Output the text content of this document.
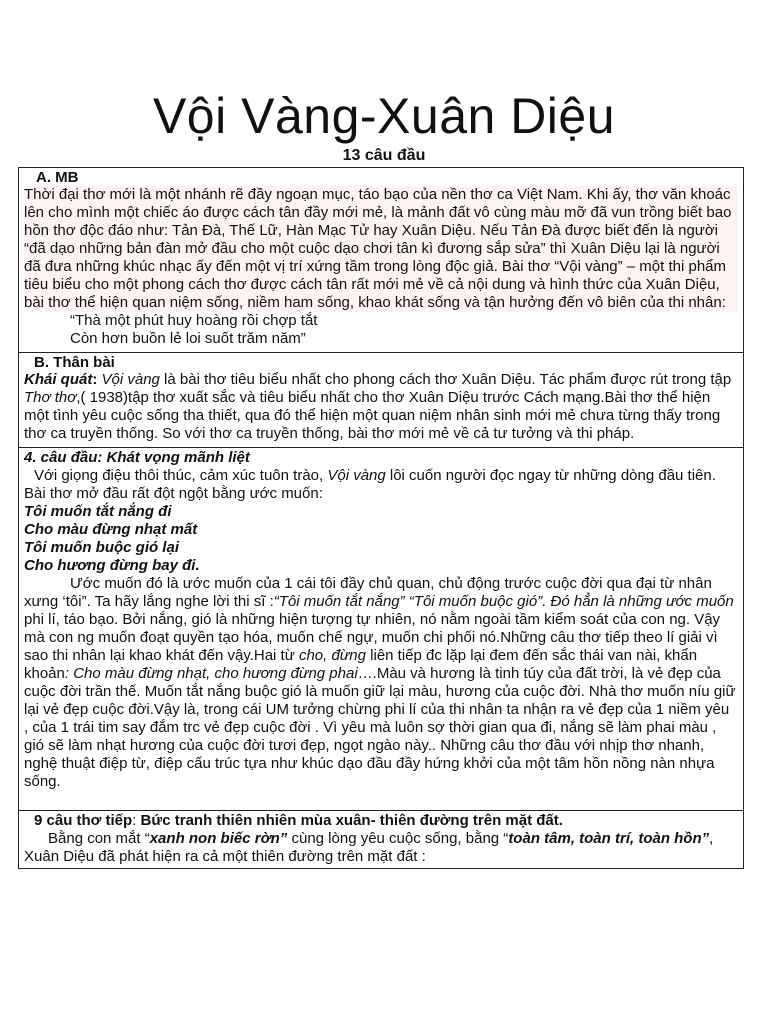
Vội Vàng-Xuân Diệu
13 câu đầu
A. MB

Thời đại thơ mới là một nhánh rẽ đầy ngoạn mục, táo bạo của nền thơ ca Việt Nam. Khi ấy, thơ văn khoác lên cho mình một chiếc áo được cách tân đầy mới mẻ, là mảnh đất vô cùng màu mỡ đã vun trồng biết bao hồn thơ độc đáo như: Tản Đà, Thế Lữ, Hàn Mạc Tử hay Xuân Diệu. Nếu Tản Đà được biết đến là người “đã dạo những bản đàn mở đầu cho một cuộc dạo chơi tân kì đương sắp sửa” thì Xuân Diệu lại là người đã đưa những khúc nhạc ấy đến một vị trí xứng tầm trong lòng độc giả. Bài thơ “Vội vàng” – một thi phẩm tiêu biểu cho một phong cách thơ được cách tân rất mới mẻ về cả nội dung và hình thức của Xuân Diệu, bài thơ thể hiện quan niệm sống, niềm ham sống, khao khát sống và tận hưởng đến vô biên của thi nhân:

“Thà một phút huy hoàng rồi chợp tắt

Còn hơn buồn lẻ loi suốt trăm năm”

B. Thân bài

Khái quát: Vội vàng là bài thơ tiêu biểu nhất cho phong cách thơ Xuân Diệu. Tác phẩm được rút trong tập Thơ thơ,( 1938)tập thơ xuất sắc và tiêu biểu nhất cho thơ Xuân Diệu trước Cách mạng.Bài thơ thể hiện một tình yêu cuộc sống tha thiết, qua đó thể hiện một quan niệm nhân sinh mới mẻ chưa từng thấy trong thơ ca truyền thống. So với thơ ca truyền thống, bài thơ mới mẻ về cả tư tưởng và thi pháp.

4. câu đầu: Khát vọng mãnh liệt

Với giọng điệu thôi thúc, cảm xúc tuôn trào, Vội vàng lôi cuốn người đọc ngay từ những dòng đầu tiên. Bài thơ mở đầu rất đột ngột bằng ước muốn:

Tôi muốn tắt nắng đi

Cho màu đừng nhạt mất

Tôi muốn buộc gió lại

Cho hương đừng bay đi.

Ước muốn đó là ước muốn của 1 cái tôi đầy chủ quan, chủ động trước cuộc đời qua đại từ nhân xưng ‘tôi”. Ta hãy lắng nghe lời thi sĩ :“Tôi muốn tắt nắng” “Tôi muốn buộc gió”. Đó hẳn là những ước muốn phi lí, táo bạo. Bởi nắng, gió là những hiện tượng tự nhiên, nó nằm ngoài tầm kiểm soát của con ng. Vậy mà con ng muốn đoạt quyền tạo hóa, muốn chế ngự, muốn chi phối nó.Những câu thơ tiếp theo lí giải vì sao thi nhân lại khao khát đến vậy.Hai từ cho, đừng liên tiếp đc lặp lại đem đến sắc thái van nài, khẩn khoản: Cho màu đừng nhạt, cho hương đừng phai….Màu và hương là tinh túy của đất trời, là vẻ đẹp của cuộc đời trần thế. Muốn tắt nắng buộc gió là muốn giữ lại màu, hương của cuộc đời. Nhà thơ muốn níu giữ lại vẻ đẹp cuộc đời.Vậy là, trong cái UM tưởng chừng phi lí của thi nhân ta nhận ra vẻ đẹp của 1 niềm yêu , của 1 trái tim say đắm trc vẻ đẹp cuộc đời . Vì yêu mà luôn sợ thời gian qua đi, nắng sẽ làm phai màu , gió sẽ làm nhạt hương của cuộc đời tươi đẹp, ngọt ngào này.. Những câu thơ đầu với nhịp thơ nhanh, nghệ thuật điệp từ, điệp cấu trúc tựa như khúc dạo đầu đầy hứng khởi của một tâm hồn nồng nàn nhựa sống.

9 câu thơ tiếp: Bức tranh thiên nhiên mùa xuân- thiên đường trên mặt đất.

Bằng con mắt “xanh non biếc rờn” cùng lòng yêu cuộc sống, bằng “toàn tâm, toàn trí, toàn hồn”, Xuân Diệu đã phát hiện ra cả một thiên đường trên mặt đất :
